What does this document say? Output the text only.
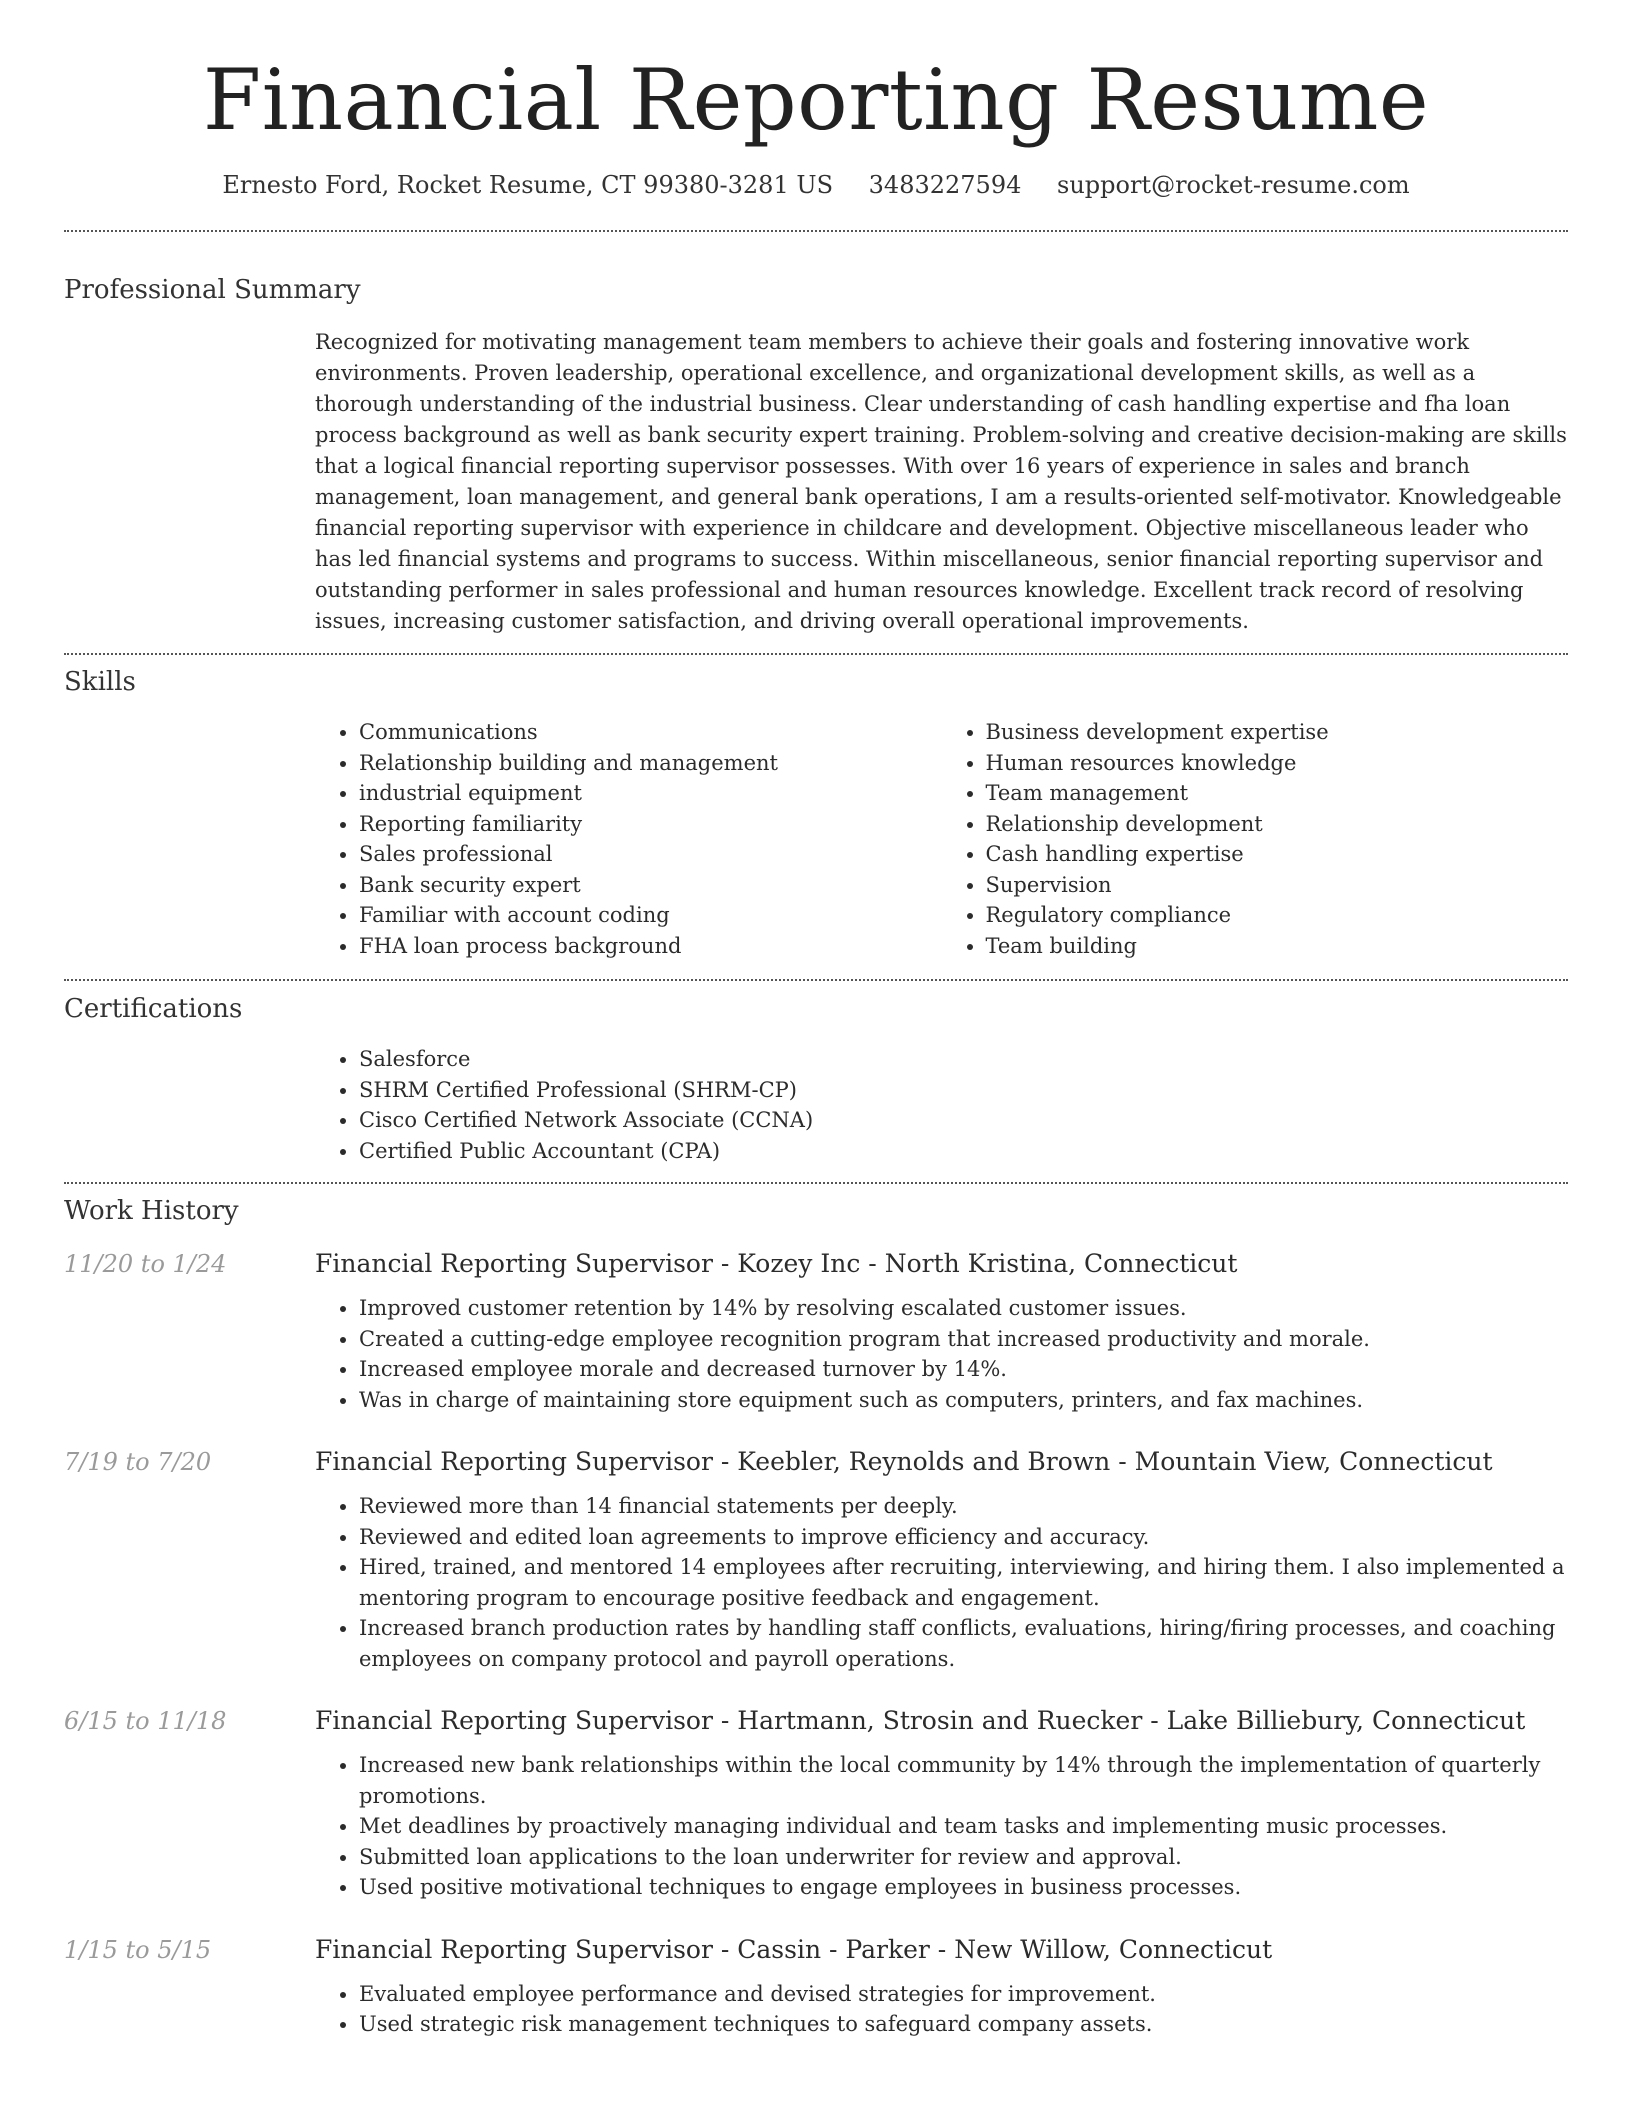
Financial Reporting Resume
Ernesto Ford, Rocket Resume, CT 99380-3281 US 3483227594 support@rocket-resume.com
Professional Summary
Recognized for motivating management team members to achieve their goals and fostering innovative work environments. Proven leadership, operational excellence, and organizational development skills, as well as a thorough understanding of the industrial business. Clear understanding of cash handling expertise and fha loan process background as well as bank security expert training. Problem-solving and creative decision-making are skills that a logical financial reporting supervisor possesses. With over 16 years of experience in sales and branch management, loan management, and general bank operations, I am a results-oriented self-motivator. Knowledgeable financial reporting supervisor with experience in childcare and development. Objective miscellaneous leader who has led financial systems and programs to success. Within miscellaneous, senior financial reporting supervisor and outstanding performer in sales professional and human resources knowledge. Excellent track record of resolving issues, increasing customer satisfaction, and driving overall operational improvements.
Skills
• Communications
• Relationship building and management
• industrial equipment
• Reporting familiarity
• Sales professional
• Bank security expert
• Familiar with account coding
• FHA loan process background
• Business development expertise
• Human resources knowledge
• Team management
• Relationship development
• Cash handling expertise
• Supervision
• Regulatory compliance
• Team building
Certifications
• Salesforce
• SHRM Certified Professional (SHRM-CP)
• Cisco Certified Network Associate (CCNA)
• Certified Public Accountant (CPA)
Work History
11/20 to 1/24	Financial Reporting Supervisor - Kozey Inc - North Kristina, Connecticut
• Improved customer retention by 14% by resolving escalated customer issues.
• Created a cutting-edge employee recognition program that increased productivity and morale.
• Increased employee morale and decreased turnover by 14%.
• Was in charge of maintaining store equipment such as computers, printers, and fax machines.
7/19 to 7/20	Financial Reporting Supervisor - Keebler, Reynolds and Brown - Mountain View, Connecticut
• Reviewed more than 14 financial statements per deeply.
• Reviewed and edited loan agreements to improve efficiency and accuracy.
• Hired, trained, and mentored 14 employees after recruiting, interviewing, and hiring them. I also implemented a mentoring program to encourage positive feedback and engagement.
• Increased branch production rates by handling staff conflicts, evaluations, hiring/firing processes, and coaching employees on company protocol and payroll operations.
6/15 to 11/18	Financial Reporting Supervisor - Hartmann, Strosin and Ruecker - Lake Billiebury, Connecticut
• Increased new bank relationships within the local community by 14% through the implementation of quarterly promotions.
• Met deadlines by proactively managing individual and team tasks and implementing music processes.
• Submitted loan applications to the loan underwriter for review and approval.
• Used positive motivational techniques to engage employees in business processes.
1/15 to 5/15	Financial Reporting Supervisor - Cassin - Parker - New Willow, Connecticut
• Evaluated employee performance and devised strategies for improvement.
• Used strategic risk management techniques to safeguard company assets.
